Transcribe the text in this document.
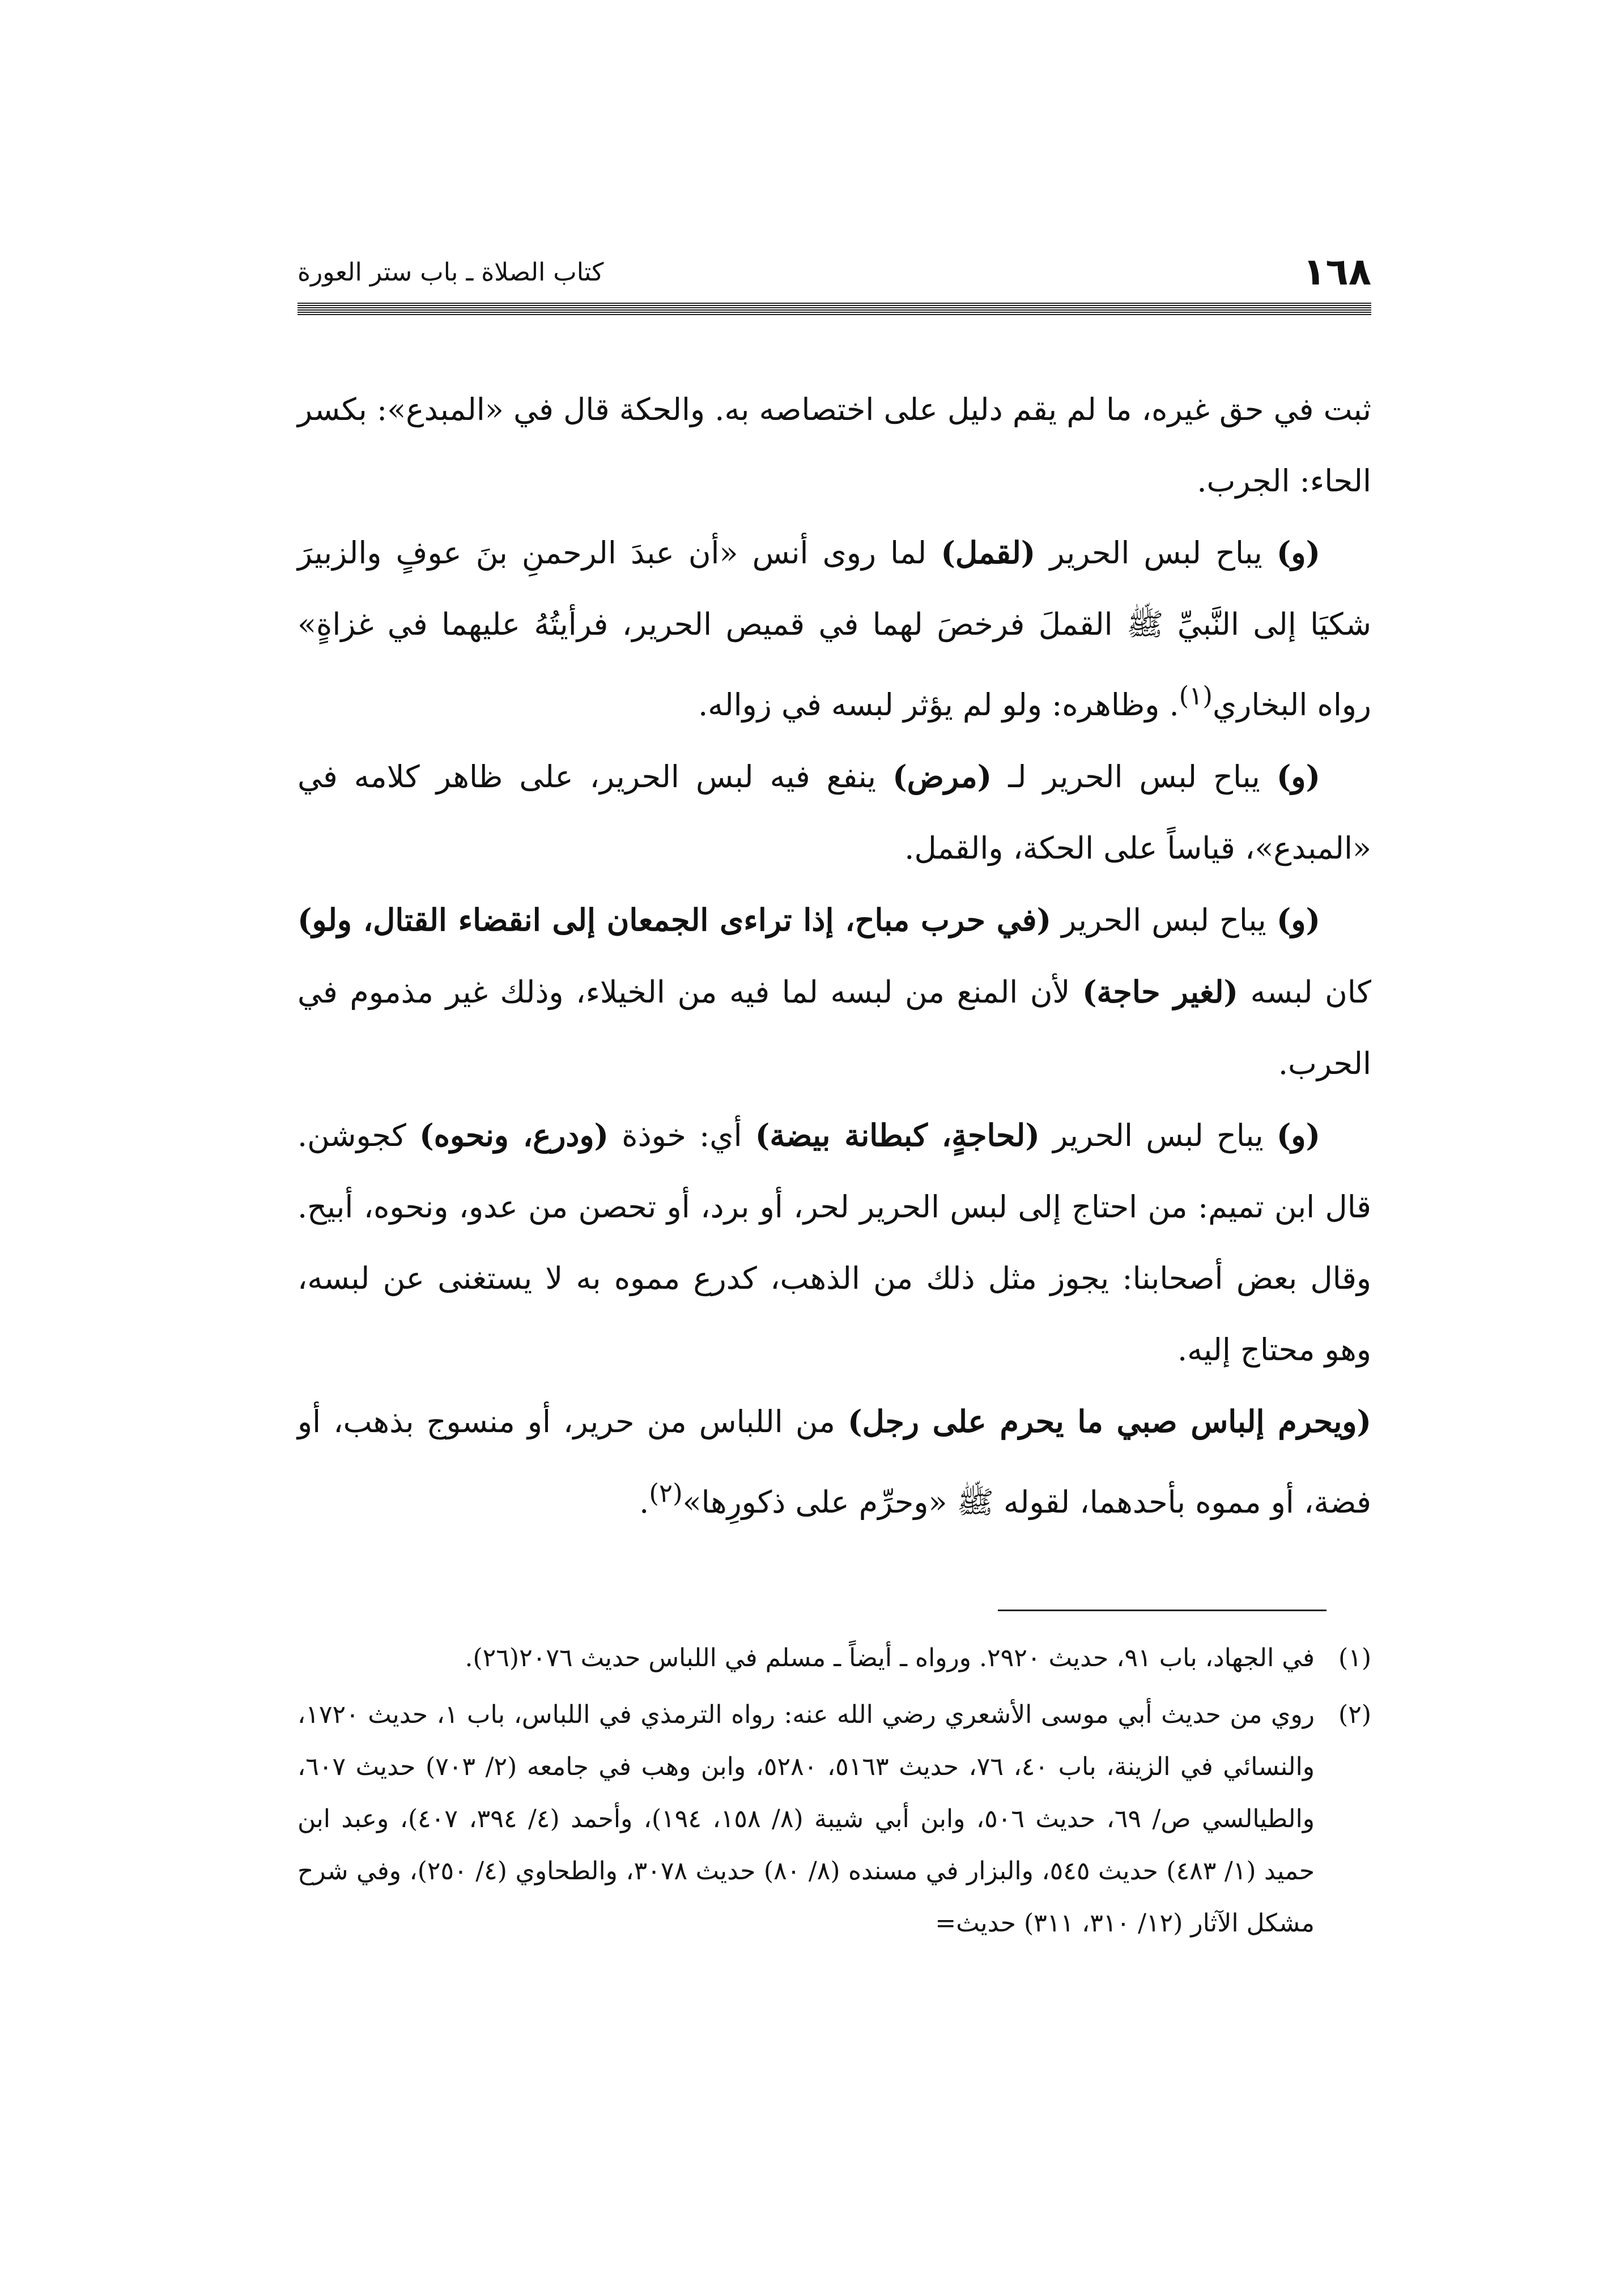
١٦٨
كتاب الصلاة ـ باب ستر العورة

ثبت في حق غيره، ما لم يقم دليل على اختصاصه به. والحكة قال في «المبدع»: بكسر الحاء: الجرب.

(و) يباح لبس الحرير (لقمل) لما روى أنس «أن عبدَ الرحمنِ بنَ عوفٍ والزبيرَ شكيَا إلى النَّبيِّ ﷺ القملَ فرخصَ لهما في قميص الحرير، فرأيتُهُ عليهما في غزاةٍ» رواه البخاري$^{(١)}$. وظاهره: ولو لم يؤثر لبسه في زواله.

(و) يباح لبس الحرير لـ (مرض) ينفع فيه لبس الحرير، على ظاهر كلامه في «المبدع»، قياساً على الحكة، والقمل.

(و) يباح لبس الحرير (في حرب مباح، إذا تراءى الجمعان إلى انقضاء القتال، ولو) كان لبسه (لغير حاجة) لأن المنع من لبسه لما فيه من الخيلاء، وذلك غير مذموم في الحرب.

(و) يباح لبس الحرير (لحاجةٍ، كبطانة بيضة) أي: خوذة (ودرع، ونحوه) كجوشن. قال ابن تميم: من احتاج إلى لبس الحرير لحر، أو برد، أو تحصن من عدو، ونحوه، أبيح. وقال بعض أصحابنا: يجوز مثل ذلك من الذهب، كدرع مموه به لا يستغنى عن لبسه، وهو محتاج إليه.

(ويحرم إلباس صبي ما يحرم على رجل) من اللباس من حرير، أو منسوج بذهب، أو فضة، أو مموه بأحدهما، لقوله ﷺ «وحرِّم على ذكورِها»$^{(٢)}$.

(١)
في الجهاد، باب ٩١، حديث ٢٩٢٠. ورواه ـ أيضاً ـ مسلم في اللباس حديث ٢٠٧٦(٢٦).
(٢)
روي من حديث أبي موسى الأشعري رضي الله عنه: رواه الترمذي في اللباس، باب ١، حديث ١٧٢٠، والنسائي في الزينة، باب ٤٠، ٧٦، حديث ٥١٦٣، ٥٢٨٠، وابن وهب في جامعه (٢/ ٧٠٣) حديث ٦٠٧، والطيالسي ص/ ٦٩، حديث ٥٠٦، وابن أبي شيبة (٨/ ١٥٨، ١٩٤)، وأحمد (٤/ ٣٩٤، ٤٠٧)، وعبد ابن حميد (١/ ٤٨٣) حديث ٥٤٥، والبزار في مسنده (٨/ ٨٠) حديث ٣٠٧٨، والطحاوي (٤/ ٢٥٠)، وفي شرح مشكل الآثار (١٢/ ٣١٠، ٣١١) حديث=
